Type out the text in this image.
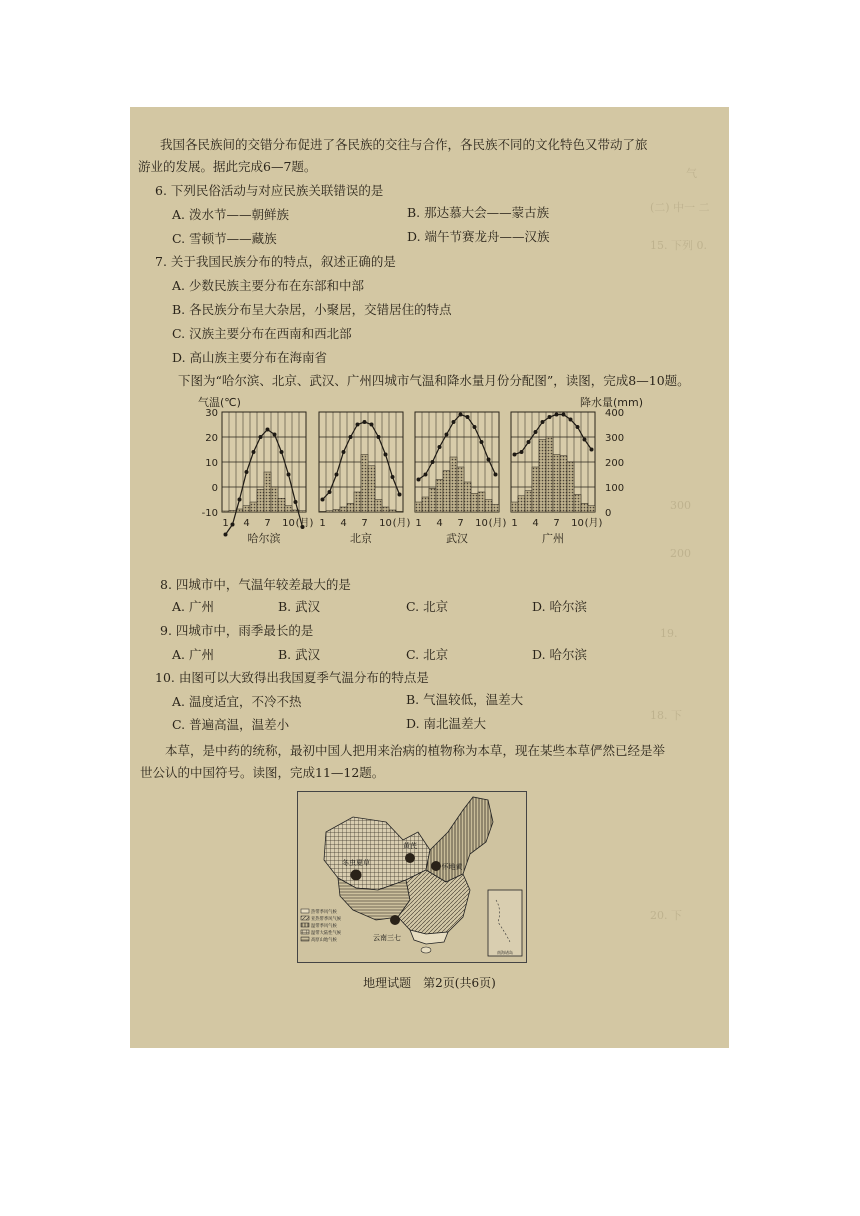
气
(二) 中一 二
15. 下列 0.
300
200
19.
18. 下
20. 下
我国各民族间的交错分布促进了各民族的交往与合作，各民族不同的文化特色又带动了旅
游业的发展。据此完成6—7题。
6. 下列民俗活动与对应民族关联错误的是
A. 泼水节——朝鲜族	B. 那达慕大会——蒙古族
C. 雪顿节——藏族	D. 端午节赛龙舟——汉族
7. 关于我国民族分布的特点，叙述正确的是
A. 少数民族主要分布在东部和中部
B. 各民族分布呈大杂居，小聚居，交错居住的特点
C. 汉族主要分布在西南和西北部
D. 高山族主要分布在海南省
下图为“哈尔滨、北京、武汉、广州四城市气温和降水量月份分配图”，读图，完成8—10题。
气温(℃)	降水量(mm)
30
20
10
0
-10
400
300
200
100
0
1 4 7 10 (月)
哈尔滨
1 4 7 10 (月)
北京
1 4 7 10 (月)
武汉
1 4 7 10 (月)
广州
8. 四城市中，气温年较差最大的是
A. 广州	B. 武汉	C. 北京	D. 哈尔滨
9. 四城市中，雨季最长的是
A. 广州	B. 武汉	C. 北京	D. 哈尔滨
10. 由图可以大致得出我国夏季气温分布的特点是
A. 温度适宜，不冷不热	B. 气温较低，温差大
C. 普遍高温，温差小	D. 南北温差大
本草，是中药的统称，最初中国人把用来治病的植物称为本草，现在某些本草俨然已经是举
世公认的中国符号。读图，完成11—12题。
南海诸岛
冬虫夏草
黄芪
怀地黄
云南三七
热带季风气候
亚热带季风气候
温带季风气候
温带大陆性气候
高原山地气候
地理试题　第2页(共6页)
